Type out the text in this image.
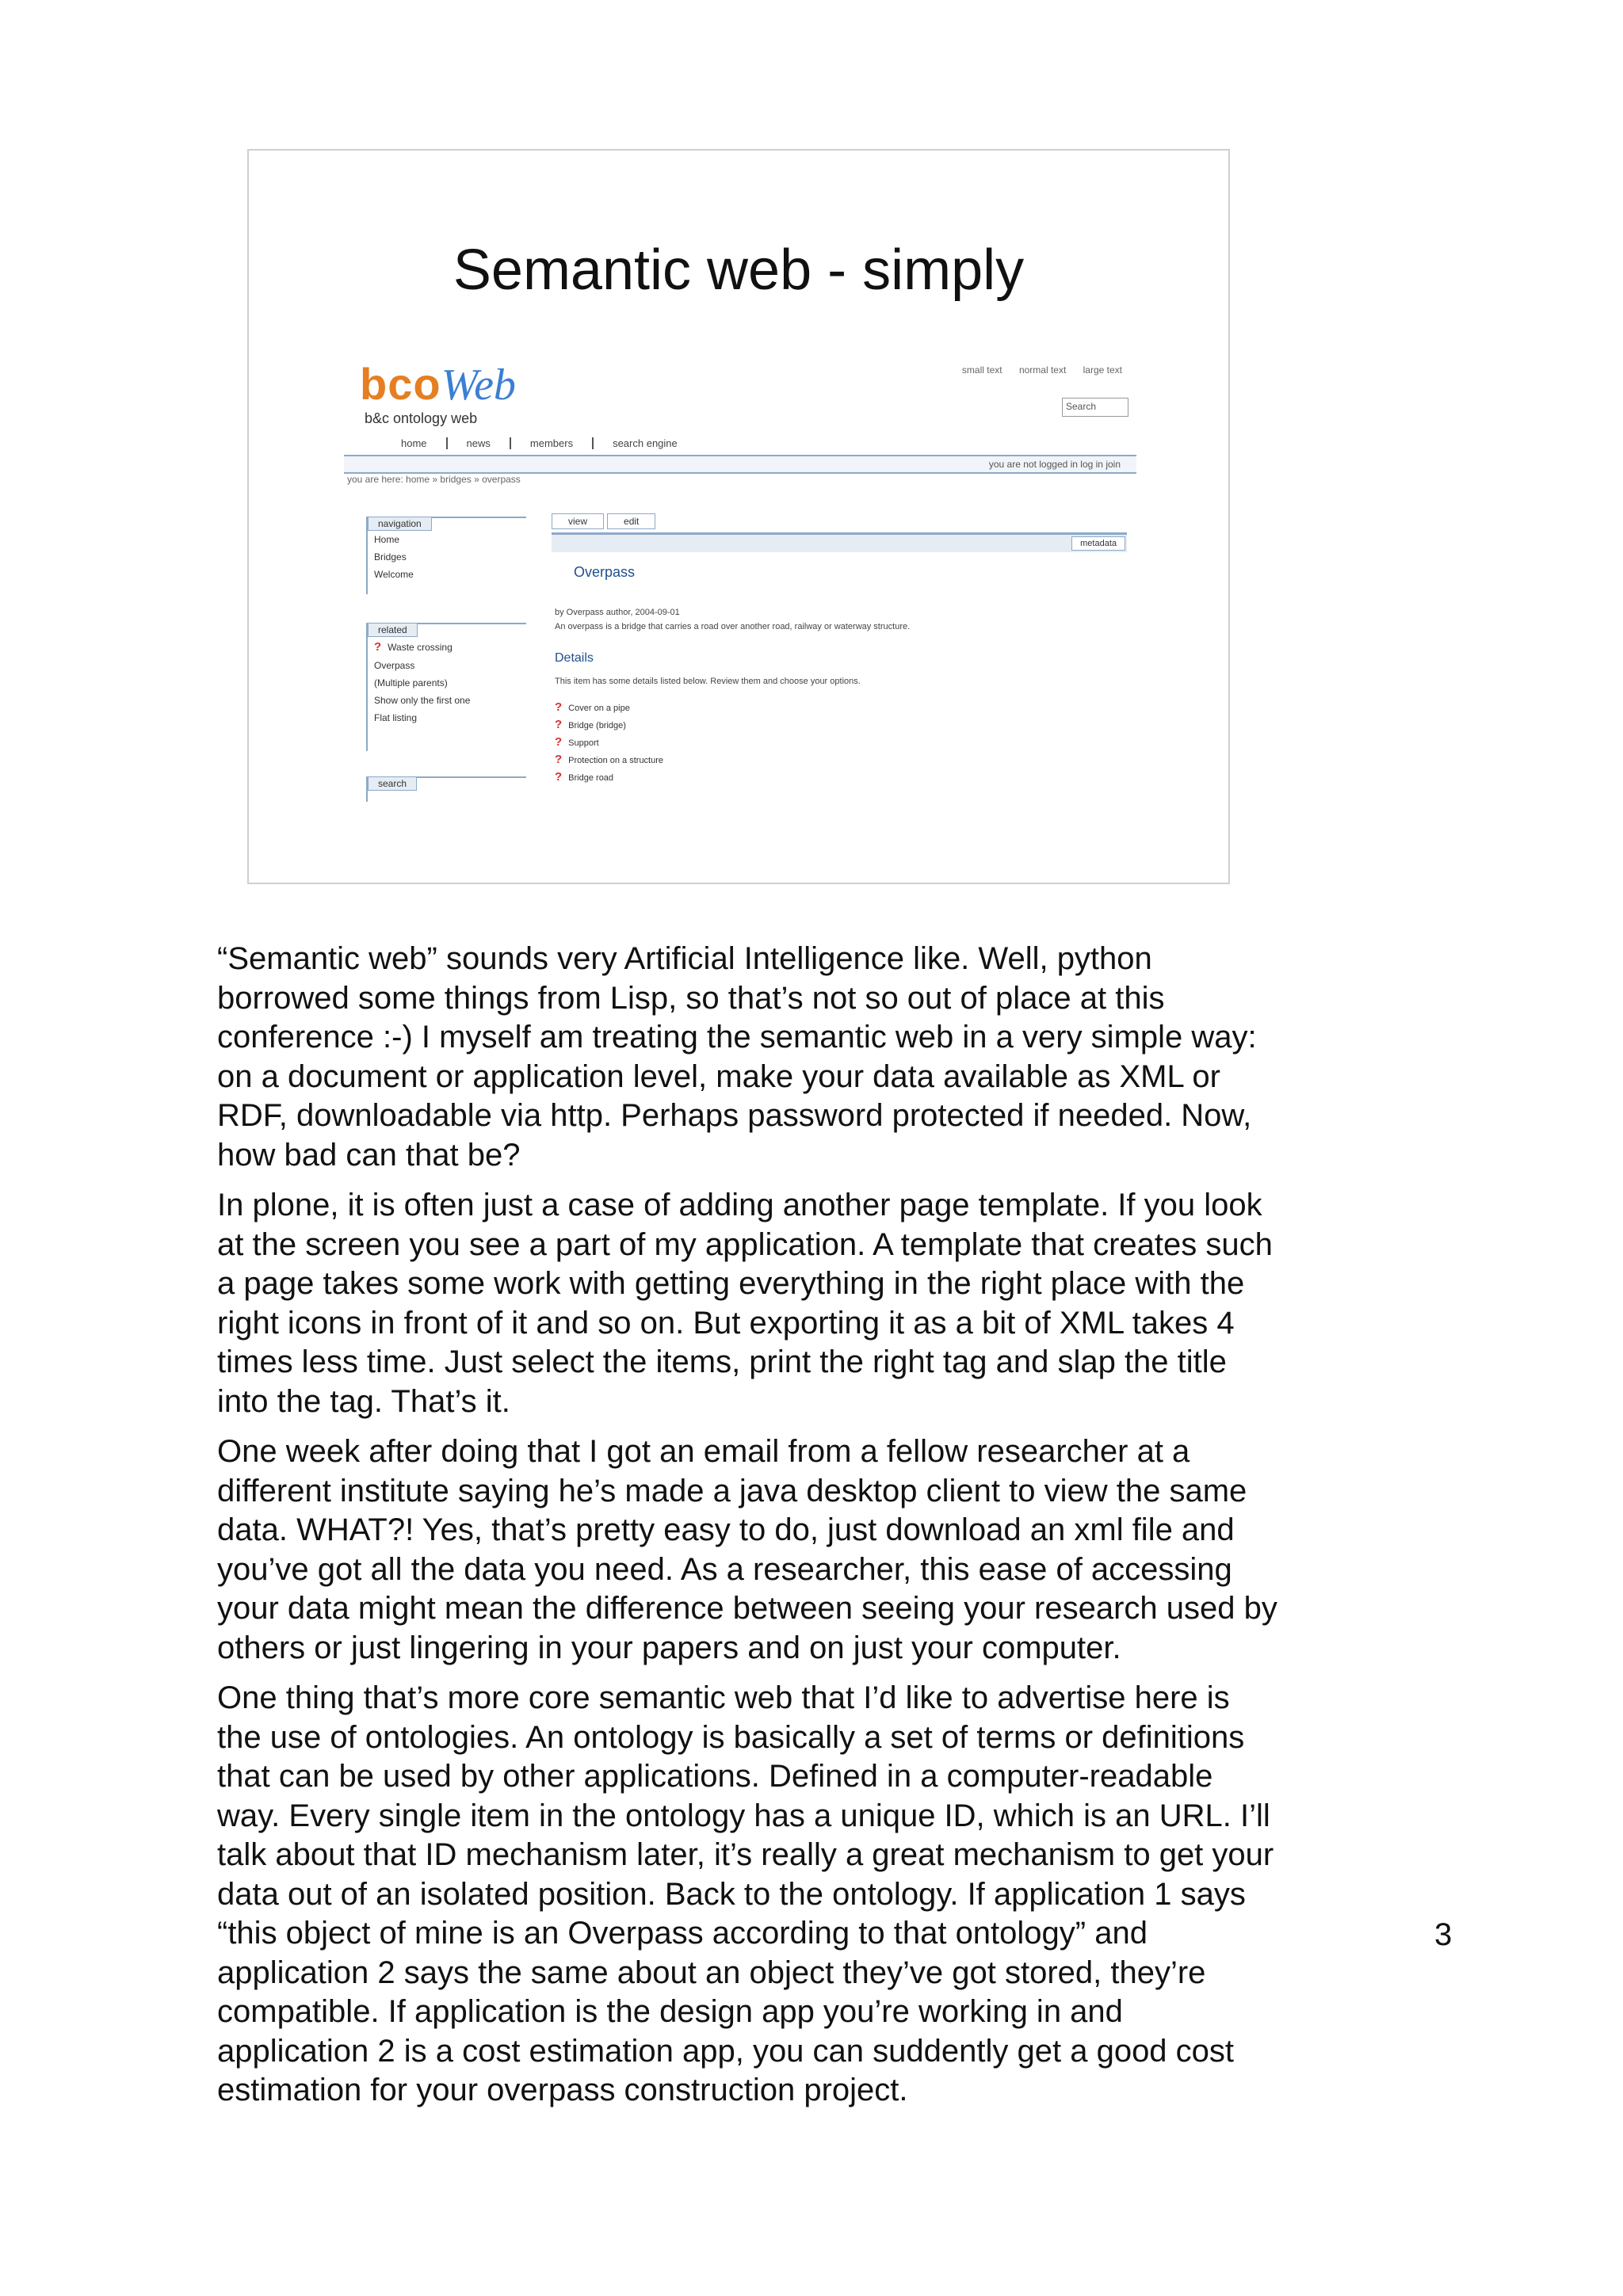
Semantic web - simply
bcoWeb
b&c ontology web
small text normal text large text
Search
home	news	members	search engine
you are not logged in log in join
you are here: home » bridges » overpass
navigation
Home
Bridges
Welcome
related
? Waste crossing
Overpass
(Multiple parents)
Show only the first one
Flat listing
search
view	edit
metadata
Overpass
by Overpass author, 2004-09-01
An overpass is a bridge that carries a road over another road, railway or waterway structure.
Details
This item has some details listed below. Review them and choose your options.
? Cover on a pipe
? Bridge (bridge)
? Support
? Protection on a structure
? Bridge road

“Semantic web” sounds very Artificial Intelligence like. Well, python borrowed some things from Lisp, so that’s not so out of place at this conference :-) I myself am treating the semantic web in a very simple way: on a document or application level, make your data available as XML or RDF, downloadable via http. Perhaps password protected if needed. Now, how bad can that be?

In plone, it is often just a case of adding another page template. If you look at the screen you see a part of my application. A template that creates such a page takes some work with getting everything in the right place with the right icons in front of it and so on. But exporting it as a bit of XML takes 4 times less time. Just select the items, print the right tag and slap the title into the tag. That’s it.

One week after doing that I got an email from a fellow researcher at a different institute saying he’s made a java desktop client to view the same data. WHAT?! Yes, that’s pretty easy to do, just download an xml file and you’ve got all the data you need. As a researcher, this ease of accessing your data might mean the difference between seeing your research used by others or just lingering in your papers and on just your computer.

One thing that’s more core semantic web that I’d like to advertise here is the use of ontologies. An ontology is basically a set of terms or definitions that can be used by other applications. Defined in a computer-readable way. Every single item in the ontology has a unique ID, which is an URL. I’ll talk about that ID mechanism later, it’s really a great mechanism to get your data out of an isolated position. Back to the ontology. If application 1 says “this object of mine is an Overpass according to that ontology” and application 2 says the same about an object they’ve got stored, they’re compatible. If application is the design app you’re working in and application 2 is a cost estimation app, you can suddently get a good cost estimation for your overpass construction project.

3
